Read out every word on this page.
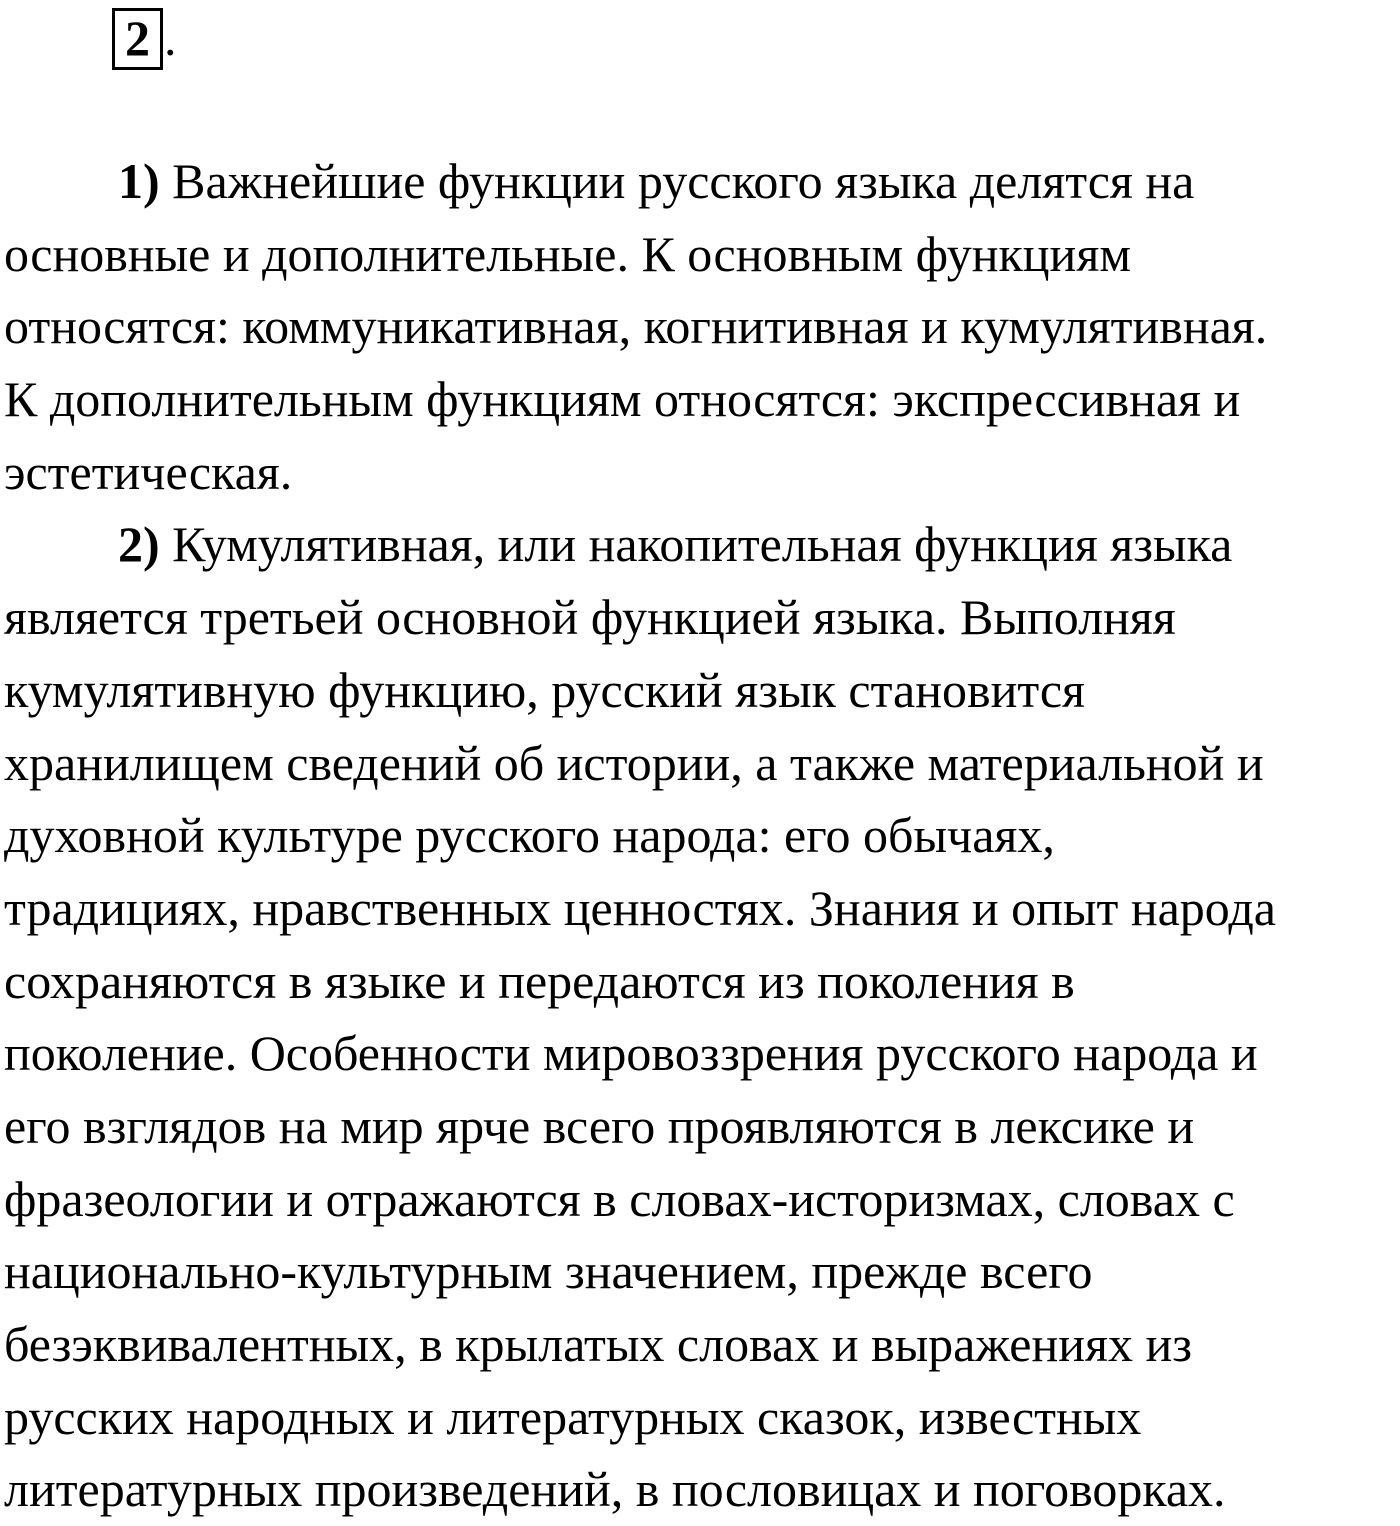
2 .
1) Важнейшие функции русского языка делятся на
основные и дополнительные. К основным функциям
относятся: коммуникативная, когнитивная и кумулятивная.
К дополнительным функциям относятся: экспрессивная и
эстетическая.
2) Кумулятивная, или накопительная функция языка
является третьей основной функцией языка. Выполняя
кумулятивную функцию, русский язык становится
хранилищем сведений об истории, а также материальной и
духовной культуре русского народа: его обычаях,
традициях, нравственных ценностях. Знания и опыт народа
сохраняются в языке и передаются из поколения в
поколение. Особенности мировоззрения русского народа и
его взглядов на мир ярче всего проявляются в лексике и
фразеологии и отражаются в словах-историзмах, словах с
национально-культурным значением, прежде всего
безэквивалентных, в крылатых словах и выражениях из
русских народных и литературных сказок, известных
литературных произведений, в пословицах и поговорках.
